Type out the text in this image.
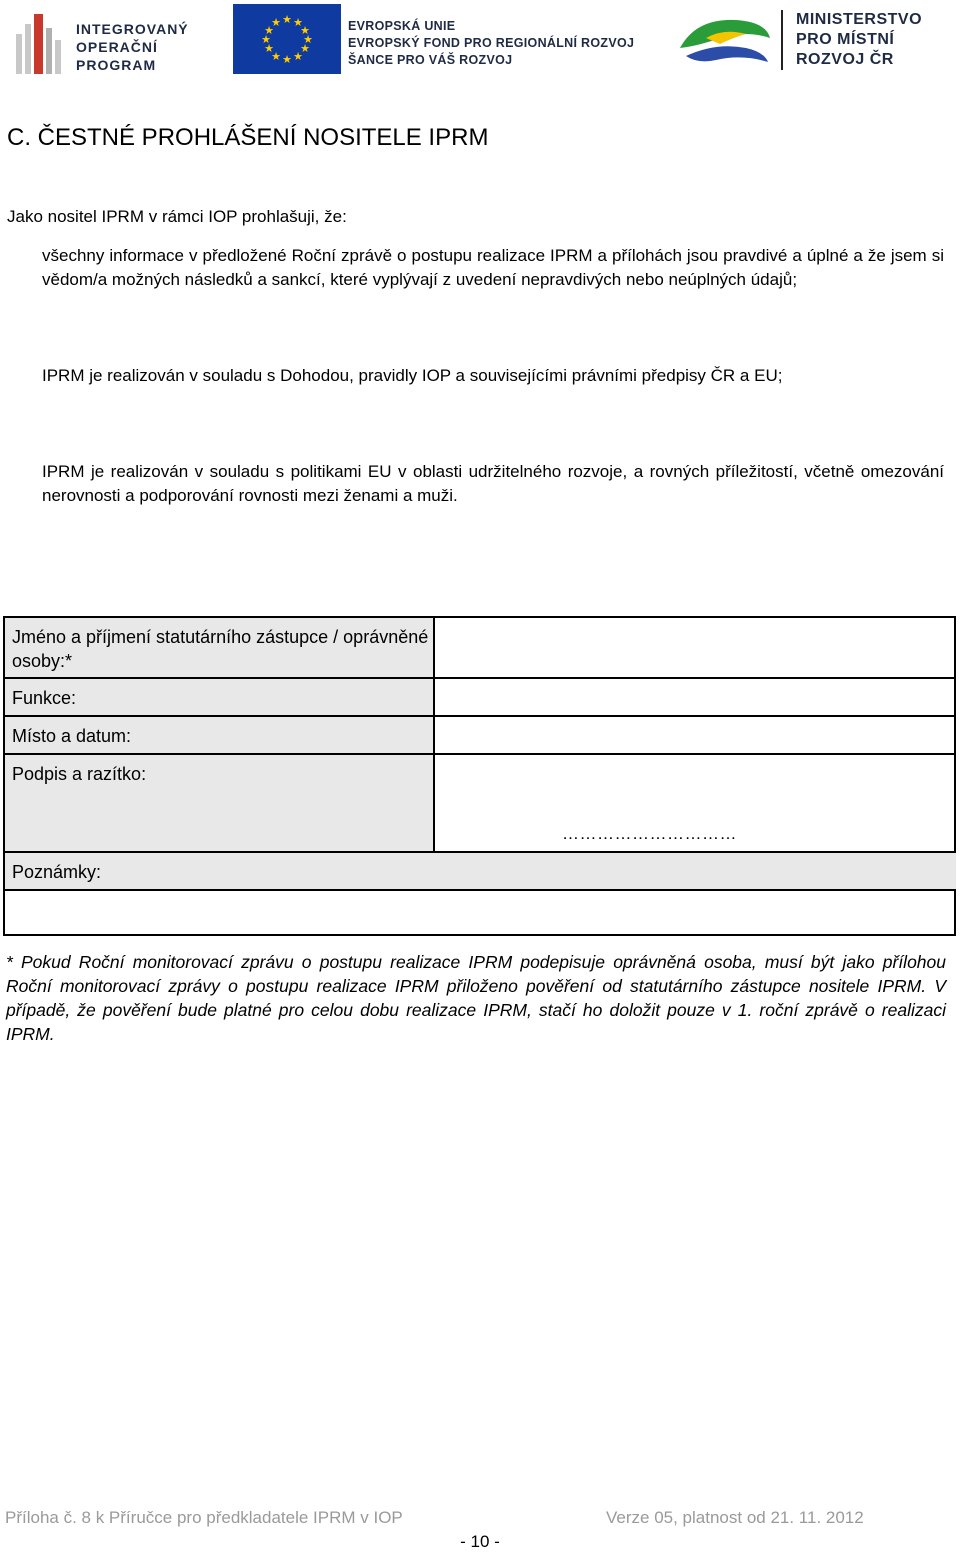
INTEGROVANÝ
OPERAČNÍ
PROGRAM
★ ★
★
★
★
★
★
★
★
★
★
★	EVROPSKÁ UNIE
EVROPSKÝ FOND PRO REGIONÁLNÍ ROZVOJ
ŠANCE PRO VÁŠ ROZVOJ
MINISTERSTVO
PRO MÍSTNÍ
ROZVOJ ČR
C. ČESTNÉ PROHLÁŠENÍ NOSITELE IPRM
Jako nositel IPRM v rámci IOP prohlašuji, že:
všechny informace v předložené Roční zprávě o postupu realizace IPRM a přílohách jsou pravdivé a úplné a že jsem si vědom/a možných následků a sankcí, které vyplývají z uvedení nepravdivých nebo neúplných údajů;
IPRM je realizován v souladu s Dohodou, pravidly IOP a souvisejícími právními předpisy ČR a EU;
IPRM je realizován v souladu s politikami EU v oblasti udržitelného rozvoje, a rovných příležitostí, včetně omezování nerovnosti a podporování rovnosti mezi ženami a muži.
Jméno a příjmení statutárního zástupce / oprávněné osoby:*
Funkce:
Místo a datum:
Podpis a razítko:
Poznámky:
…………………………
* Pokud Roční monitorovací zprávu o postupu realizace IPRM podepisuje oprávněná osoba, musí být jako přílohou Roční monitorovací zprávy o postupu realizace IPRM přiloženo pověření od statutárního zástupce nositele IPRM. V případě, že pověření bude platné pro celou dobu realizace IPRM, stačí ho doložit pouze v 1. roční zprávě o realizaci IPRM.
Příloha č. 8 k Příručce pro předkladatele IPRM v IOP	Verze 05, platnost od 21. 11. 2012
- 10 -
